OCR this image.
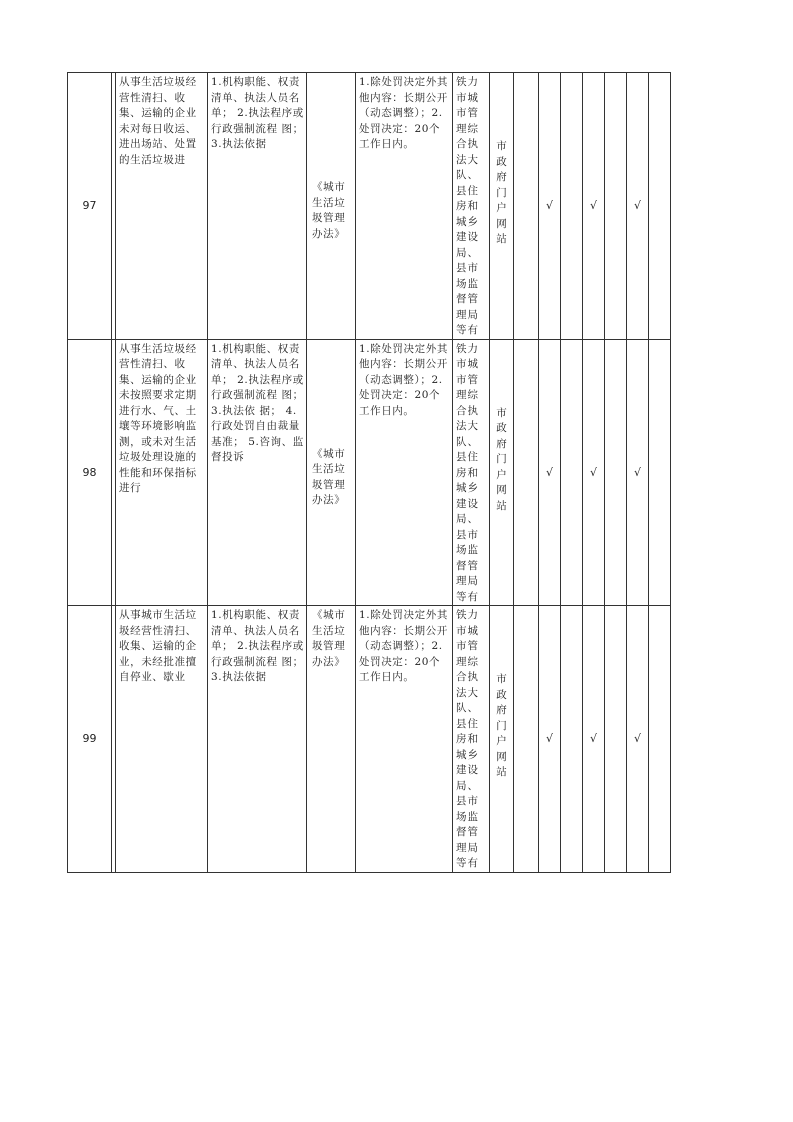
97		从事生活垃圾经营性清扫、收集、运输的企业未对每日收运、进出场站、处置的生活垃圾进	1.机构职能、权责清单、执法人员名单； 2.执法程序或行政强制流程 图； 3.执法依据	《城市生活垃圾管理办法》	1.除处罚决定外其他内容：长期公开（动态调整）；2.处罚决定：20个工作日内。	铁力市城市管理综合执法大队、县住房和城乡建设局、县市场监督管理局等有	市政府门户网站		√		√		√	
98		从事生活垃圾经营性清扫、收集、运输的企业未按照要求定期进行水、气、土壤等环境影响监测，或未对生活垃圾处理设施的性能和环保指标进行	1.机构职能、权责清单、执法人员名单； 2.执法程序或行政强制流程 图； 3.执法依 据； 4.行政处罚自由裁量基准； 5.咨询、监督投诉	《城市生活垃圾管理办法》	1.除处罚决定外其他内容：长期公开（动态调整）；2.处罚决定：20个工作日内。	铁力市城市管理综合执法大队、县住房和城乡建设局、县市场监督管理局等有	市政府门户网站		√		√		√	
99		从事城市生活垃圾经营性清扫、收集、运输的企业，未经批准擅自停业、歇业	1.机构职能、权责清单、执法人员名单； 2.执法程序或行政强制流程 图； 3.执法依据	《城市生活垃圾管理办法》	1.除处罚决定外其他内容：长期公开（动态调整）；2.处罚决定：20个工作日内。	铁力市城市管理综合执法大队、县住房和城乡建设局、县市场监督管理局等有	市政府门户网站		√		√		√	
